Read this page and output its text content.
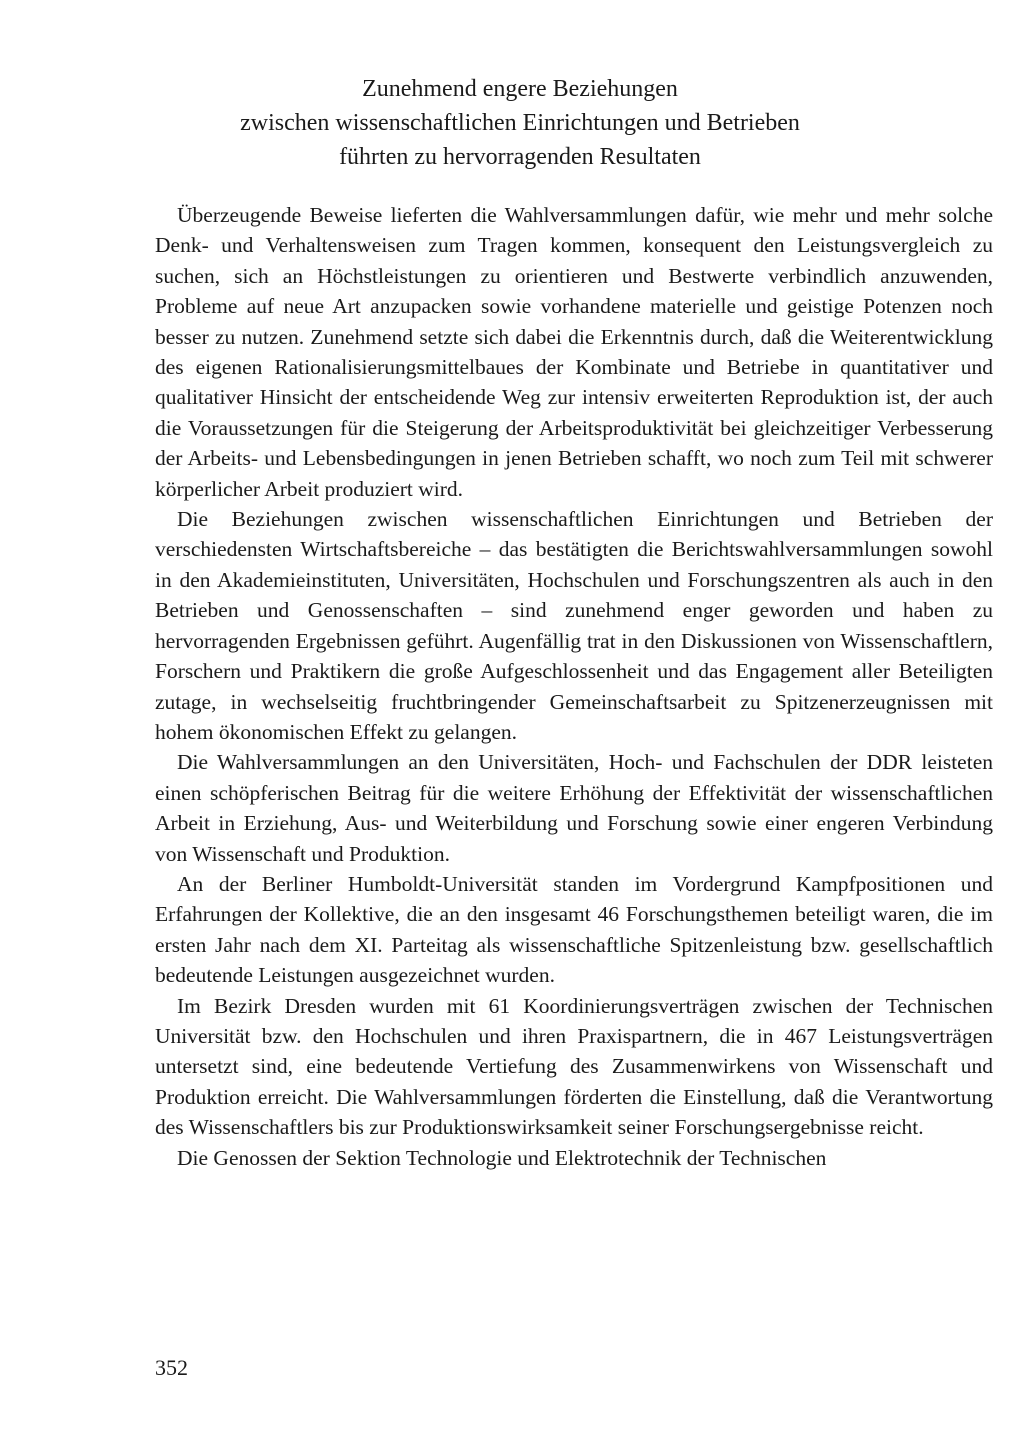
Zunehmend engere Beziehungen
zwischen wissenschaftlichen Einrichtungen und Betrieben
führten zu hervorragenden Resultaten

Überzeugende Beweise lieferten die Wahlversammlungen dafür, wie mehr und mehr solche Denk- und Verhaltensweisen zum Tragen kommen, konsequent den Leistungsvergleich zu suchen, sich an Höchstleistungen zu orientieren und Bestwerte verbindlich anzuwenden, Probleme auf neue Art anzupacken sowie vorhandene materielle und geistige Potenzen noch besser zu nutzen. Zunehmend setzte sich dabei die Erkenntnis durch, daß die Weiterentwicklung des eigenen Rationalisierungsmittelbaues der Kombinate und Betriebe in quantitativer und qualitativer Hinsicht der entscheidende Weg zur intensiv erweiterten Reproduktion ist, der auch die Voraussetzungen für die Steigerung der Arbeitsproduktivität bei gleichzeitiger Verbesserung der Arbeits- und Lebensbedingungen in jenen Betrieben schafft, wo noch zum Teil mit schwerer körperlicher Arbeit produziert wird.

Die Beziehungen zwischen wissenschaftlichen Einrichtungen und Betrieben der verschiedensten Wirtschaftsbereiche – das bestätigten die Berichtswahlversammlungen sowohl in den Akademieinstituten, Universitäten, Hochschulen und Forschungszentren als auch in den Betrieben und Genossenschaften – sind zunehmend enger geworden und haben zu hervorragenden Ergebnissen geführt. Augenfällig trat in den Diskussionen von Wissenschaftlern, Forschern und Praktikern die große Aufgeschlossenheit und das Engagement aller Beteiligten zutage, in wechselseitig fruchtbringender Gemeinschaftsarbeit zu Spitzenerzeugnissen mit hohem ökonomischen Effekt zu gelangen.

Die Wahlversammlungen an den Universitäten, Hoch- und Fachschulen der DDR leisteten einen schöpferischen Beitrag für die weitere Erhöhung der Effektivität der wissenschaftlichen Arbeit in Erziehung, Aus- und Weiterbildung und Forschung sowie einer engeren Verbindung von Wissenschaft und Produktion.

An der Berliner Humboldt-Universität standen im Vordergrund Kampfpositionen und Erfahrungen der Kollektive, die an den insgesamt 46 Forschungsthemen beteiligt waren, die im ersten Jahr nach dem XI. Parteitag als wissenschaftliche Spitzenleistung bzw. gesellschaftlich bedeutende Leistungen ausgezeichnet wurden.

Im Bezirk Dresden wurden mit 61 Koordinierungsverträgen zwischen der Technischen Universität bzw. den Hochschulen und ihren Praxispartnern, die in 467 Leistungsverträgen untersetzt sind, eine bedeutende Vertiefung des Zusammenwirkens von Wissenschaft und Produktion erreicht. Die Wahlversammlungen förderten die Einstellung, daß die Verantwortung des Wissenschaftlers bis zur Produktionswirksamkeit seiner Forschungsergebnisse reicht.

Die Genossen der Sektion Technologie und Elektrotechnik der Technischen

352
